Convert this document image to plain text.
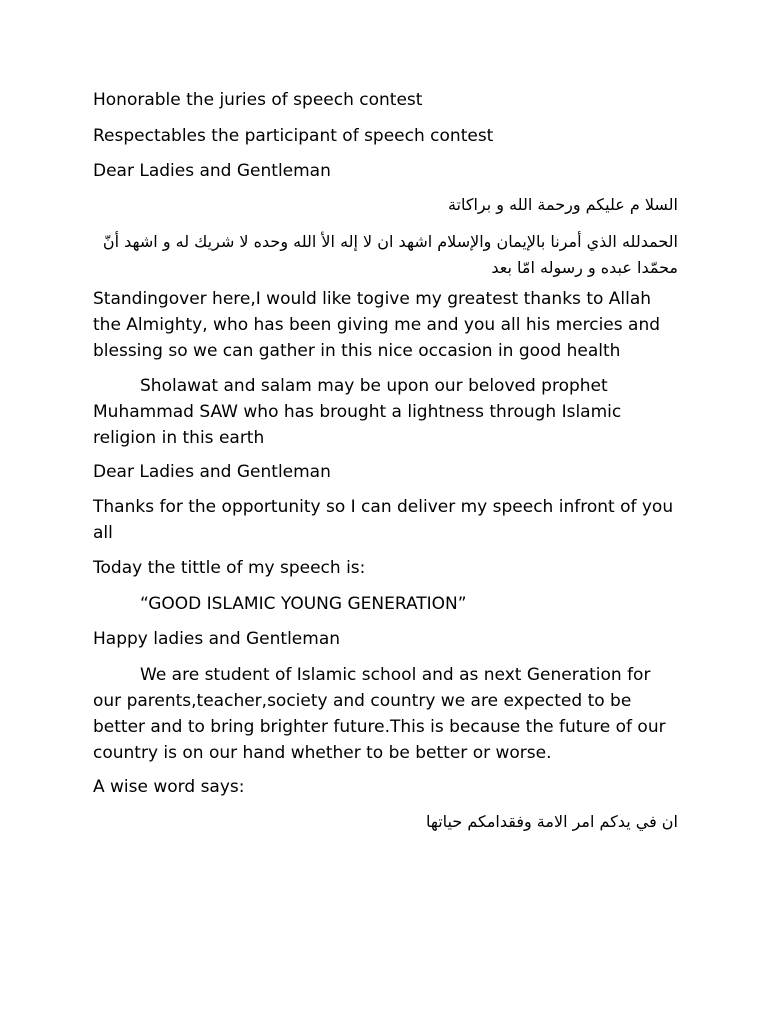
Honorable the juries of speech contest

Respectables the participant of speech contest

Dear Ladies and Gentleman

السلا م عليكم ورحمة الله و براكاتة

الحمدلله الذي أمرنا بالإيمان والإسلام اشهد ان لا إله الأ الله وحده لا شريك له و اشهد أنّ محمّدا عبده و رسوله امّا بعد

Standingover here,I would like togive my greatest thanks to Allah the Almighty, who has been giving me and you all his mercies and blessing so we can gather in this nice occasion in good health

Sholawat and salam may be upon our beloved prophet Muhammad SAW who has brought a lightness through Islamic religion in this earth

Dear Ladies and Gentleman

Thanks for the opportunity so I can deliver my speech infront of you all

Today the tittle of my speech is:

“GOOD ISLAMIC YOUNG GENERATION”

Happy ladies and Gentleman

We are student of Islamic school and as next Generation for our parents,teacher,society and country we are expected to be better and to bring brighter future.This is because the future of our country is on our hand whether to be better or worse.

A wise word says:

ان في يدكم امر الامة وفقدامكم حياتها
